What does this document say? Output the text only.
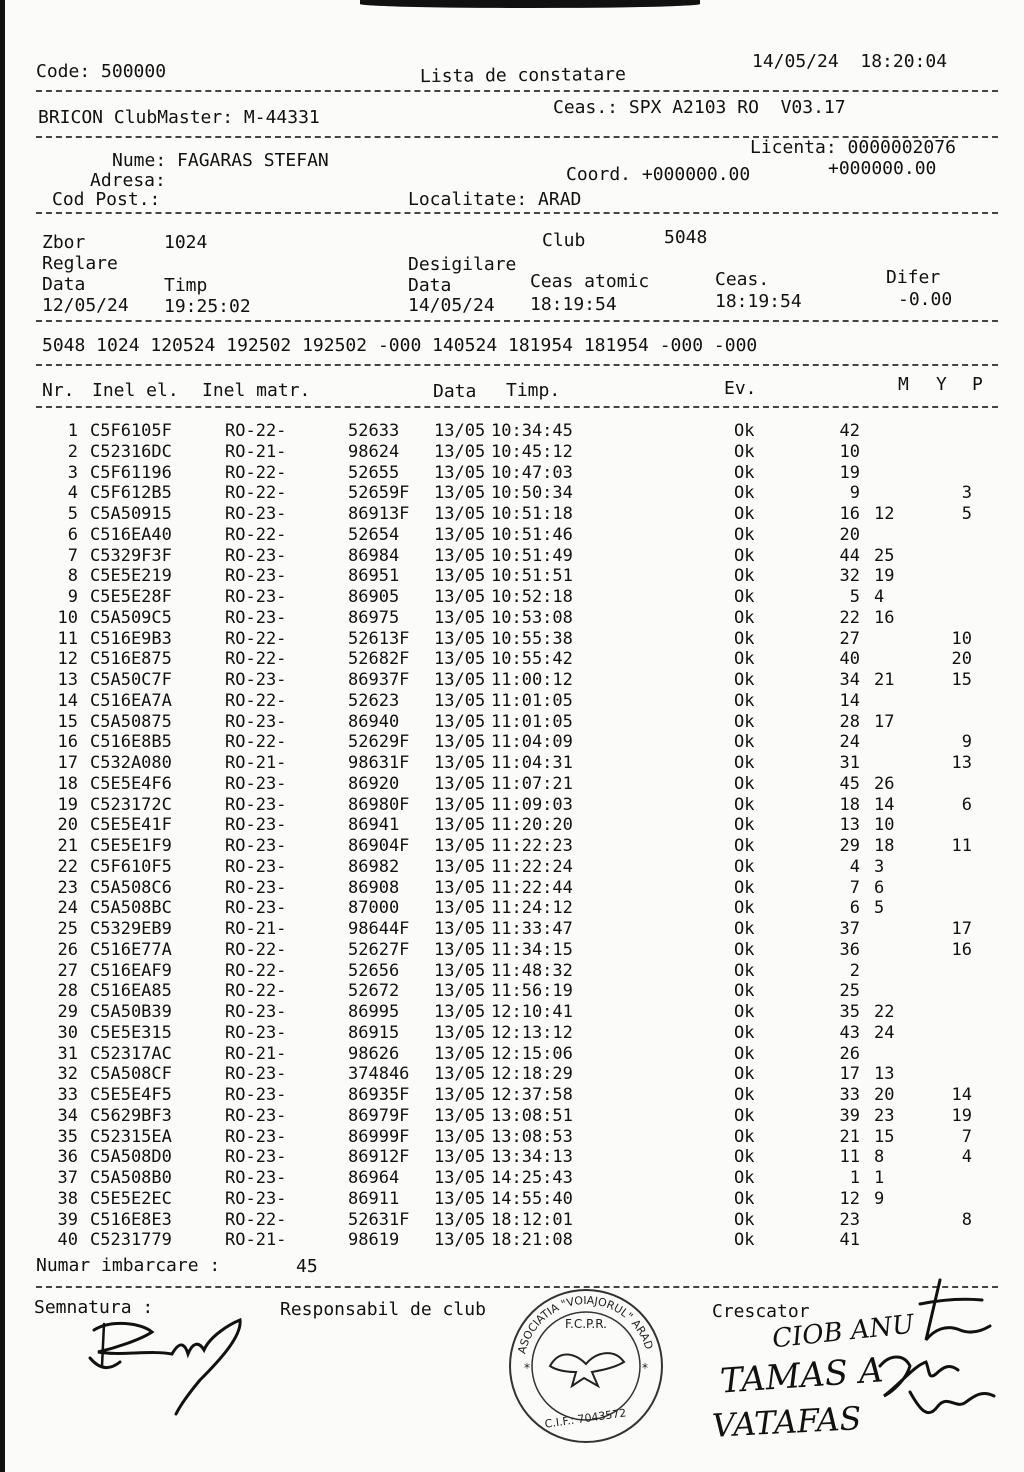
Code: 500000	Lista de constatare
14/05/24  18:20:04
BRICON ClubMaster: M-44331	Ceas.: SPX A2103 RO  V03.17
Licenta: 0000002076
Nume: FAGARAS STEFAN
Adresa:	Coord. +000000.00	+000000.00
Cod Post.:	Localitate: ARAD
Zbor	1024	Club	5048
Reglare	Desigilare
Data	Timp	Data	Ceas atomic	Ceas.	Difer
12/05/24 19:25:02	14/05/24 18:19:54	18:19:54	-0.00
5048 1024 120524 192502 192502 -000 140524 181954 181954 -000 -000
Nr. Inel el. Inel matr.	Data Timp.	Ev.	M Y P
1 C5F6105F	RO-22-	52633 13/05 10:34:45	Ok	42
2 C52316DC	RO-21-	98624 13/05 10:45:12	Ok	10
3 C5F61196	RO-22-	52655 13/05 10:47:03	Ok	19
4 C5F612B5	RO-22-	52659F 13/05 10:50:34	Ok	9	3
5 C5A50915	RO-23-	86913F 13/05 10:51:18	Ok	16 12	5
6 C516EA40	RO-22-	52654 13/05 10:51:46	Ok	20
7 C5329F3F	RO-23-	86984 13/05 10:51:49	Ok	44 25
8 C5E5E219	RO-23-	86951 13/05 10:51:51	Ok	32 19
9 C5E5E28F	RO-23-	86905 13/05 10:52:18	Ok	5 4
10 C5A509C5	RO-23-	86975 13/05 10:53:08	Ok	22 16
11 C516E9B3	RO-22-	52613F 13/05 10:55:38	Ok	27	10
12 C516E875	RO-22-	52682F 13/05 10:55:42	Ok	40	20
13 C5A50C7F	RO-23-	86937F 13/05 11:00:12	Ok	34 21	15
14 C516EA7A	RO-22-	52623 13/05 11:01:05	Ok	14
15 C5A50875	RO-23-	86940 13/05 11:01:05	Ok	28 17
16 C516E8B5	RO-22-	52629F 13/05 11:04:09	Ok	24	9
17 C532A080	RO-21-	98631F 13/05 11:04:31	Ok	31	13
18 C5E5E4F6	RO-23-	86920 13/05 11:07:21	Ok	45 26
19 C523172C	RO-23-	86980F 13/05 11:09:03	Ok	18 14	6
20 C5E5E41F	RO-23-	86941 13/05 11:20:20	Ok	13 10
21 C5E5E1F9	RO-23-	86904F 13/05 11:22:23	Ok	29 18	11
22 C5F610F5	RO-23-	86982 13/05 11:22:24	Ok	4 3
23 C5A508C6	RO-23-	86908 13/05 11:22:44	Ok	7 6
24 C5A508BC	RO-23-	87000 13/05 11:24:12	Ok	6 5
25 C5329EB9	RO-21-	98644F 13/05 11:33:47	Ok	37	17
26 C516E77A	RO-22-	52627F 13/05 11:34:15	Ok	36	16
27 C516EAF9	RO-22-	52656 13/05 11:48:32	Ok	2
28 C516EA85	RO-22-	52672 13/05 11:56:19	Ok	25
29 C5A50B39	RO-23-	86995 13/05 12:10:41	Ok	35 22
30 C5E5E315	RO-23-	86915 13/05 12:13:12	Ok	43 24
31 C52317AC	RO-21-	98626 13/05 12:15:06	Ok	26
32 C5A508CF	RO-23-	374846 13/05 12:18:29	Ok	17 13
33 C5E5E4F5	RO-23-	86935F 13/05 12:37:58	Ok	33 20	14
34 C5629BF3	RO-23-	86979F 13/05 13:08:51	Ok	39 23	19
35 C52315EA	RO-23-	86999F 13/05 13:08:53	Ok	21 15	7
36 C5A508D0	RO-23-	86912F 13/05 13:34:13	Ok	11 8	4
37 C5A508B0	RO-23-	86964 13/05 14:25:43	Ok	1 1
38 C5E5E2EC	RO-23-	86911 13/05 14:55:40	Ok	12 9
39 C516E8E3	RO-22-	52631F 13/05 18:12:01	Ok	23	8
40 C5231779	RO-21-	98619 13/05 18:21:08	Ok	41
Numar imbarcare :	45
Semnatura :	Responsabil de club	Crescator
ASOCIATIA "VOIAJORUL" ARAD
F.C.P.R.
C.I.F.: 7043572
*	*
CIOB ANU
TAMAS A
VATAFAS
